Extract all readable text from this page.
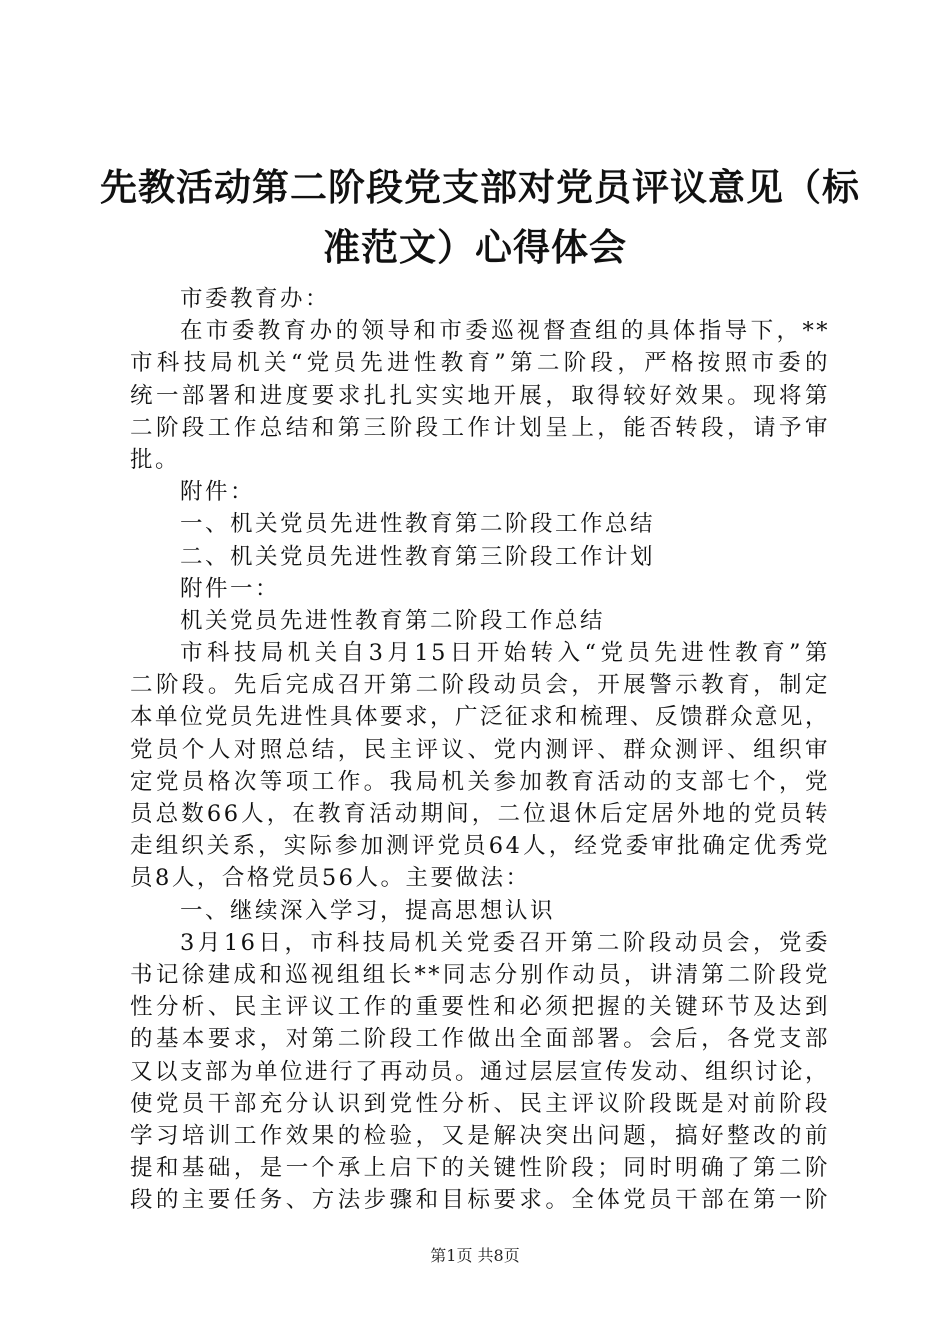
先教活动第二阶段党支部对党员评议意见（标
准范文）心得体会
市委教育办：
在市委教育办的领导和市委巡视督查组的具体指导下，**
市科技局机关“党员先进性教育”第二阶段，严格按照市委的
统一部署和进度要求扎扎实实地开展，取得较好效果。现将第
二阶段工作总结和第三阶段工作计划呈上，能否转段，请予审
批。
附件：
一、机关党员先进性教育第二阶段工作总结
二、机关党员先进性教育第三阶段工作计划
附件一：
机关党员先进性教育第二阶段工作总结
市科技局机关自3月15日开始转入“党员先进性教育”第
二阶段。先后完成召开第二阶段动员会，开展警示教育，制定
本单位党员先进性具体要求，广泛征求和梳理、反馈群众意见，
党员个人对照总结，民主评议、党内测评、群众测评、组织审
定党员格次等项工作。我局机关参加教育活动的支部七个，党
员总数66人，在教育活动期间，二位退休后定居外地的党员转
走组织关系，实际参加测评党员64人，经党委审批确定优秀党
员8人，合格党员56人。主要做法：
一、继续深入学习，提高思想认识
3月16日，市科技局机关党委召开第二阶段动员会，党委
书记徐建成和巡视组组长**同志分别作动员，讲清第二阶段党
性分析、民主评议工作的重要性和必须把握的关键环节及达到
的基本要求，对第二阶段工作做出全面部署。会后，各党支部
又以支部为单位进行了再动员。通过层层宣传发动、组织讨论，
使党员干部充分认识到党性分析、民主评议阶段既是对前阶段
学习培训工作效果的检验，又是解决突出问题，搞好整改的前
提和基础，是一个承上启下的关键性阶段；同时明确了第二阶
段的主要任务、方法步骤和目标要求。全体党员干部在第一阶
第1页 共8页
